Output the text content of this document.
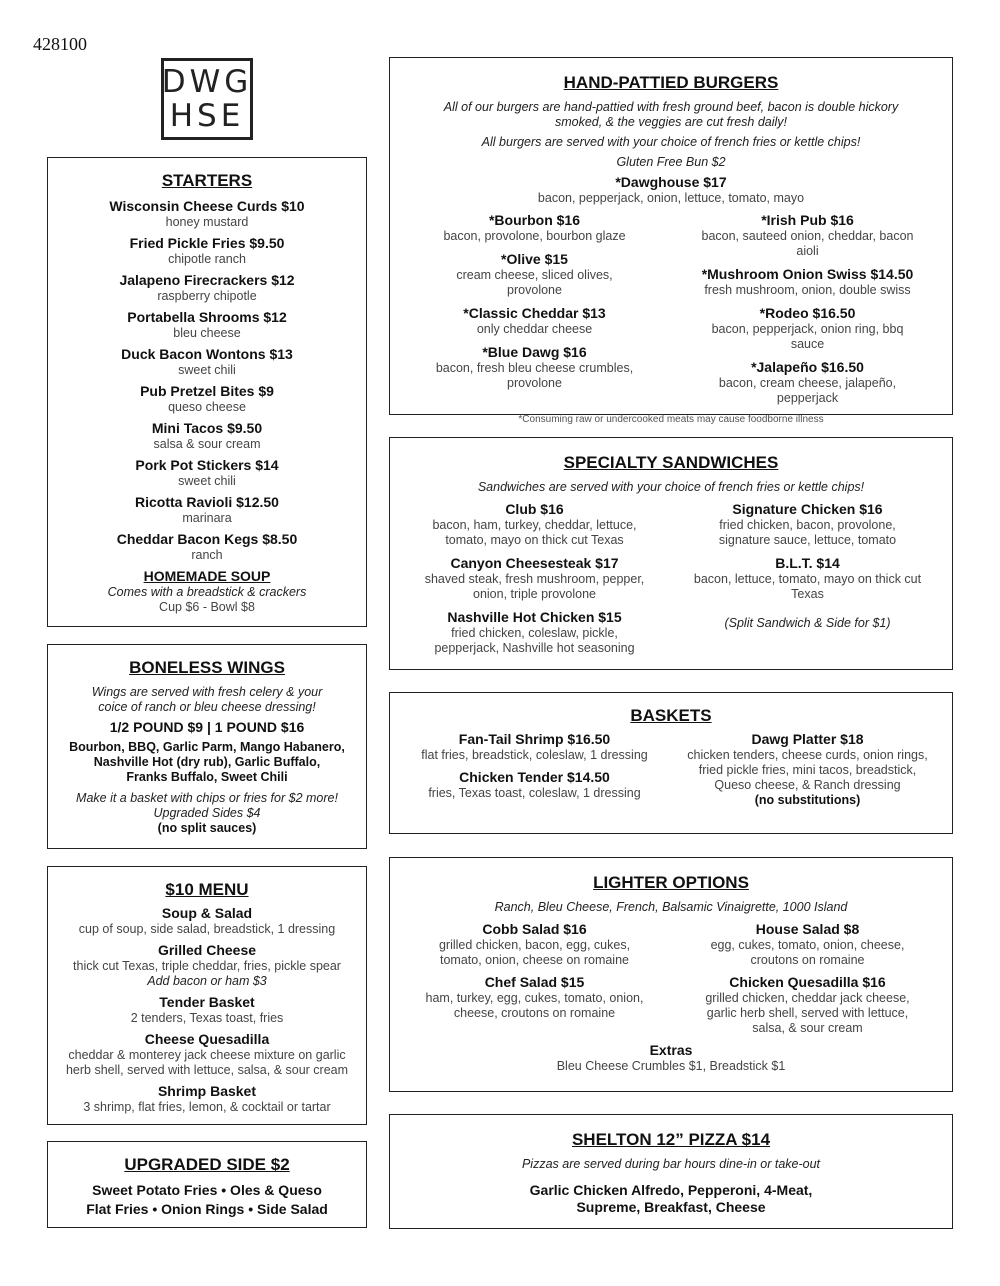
428100
DWG
HSE
STARTERS
Wisconsin Cheese Curds $10
honey mustard
Fried Pickle Fries $9.50
chipotle ranch
Jalapeno Firecrackers $12
raspberry chipotle
Portabella Shrooms $12
bleu cheese
Duck Bacon Wontons $13
sweet chili
Pub Pretzel Bites $9
queso cheese
Mini Tacos $9.50
salsa & sour cream
Pork Pot Stickers $14
sweet chili
Ricotta Ravioli $12.50
marinara
Cheddar Bacon Kegs $8.50
ranch
HOMEMADE SOUP
Comes with a breadstick & crackers
Cup $6 - Bowl $8
BONELESS WINGS
Wings are served with fresh celery & your
coice of ranch or bleu cheese dressing!
1/2 POUND $9 | 1 POUND $16
Bourbon, BBQ, Garlic Parm, Mango Habanero,
Nashville Hot (dry rub), Garlic Buffalo,
Franks Buffalo, Sweet Chili
Make it a basket with chips or fries for $2 more!
Upgraded Sides $4
(no split sauces)
$10 MENU
Soup & Salad
cup of soup, side salad, breadstick, 1 dressing
Grilled Cheese
thick cut Texas, triple cheddar, fries, pickle spear
Add bacon or ham $3
Tender Basket
2 tenders, Texas toast, fries
Cheese Quesadilla
cheddar & monterey jack cheese mixture on garlic
herb shell, served with lettuce, salsa, & sour cream
Shrimp Basket
3 shrimp, flat fries, lemon, & cocktail or tartar
UPGRADED SIDE $2
Sweet Potato Fries • Oles & Queso
Flat Fries • Onion Rings • Side Salad
HAND-PATTIED BURGERS
All of our burgers are hand-pattied with fresh ground beef, bacon is double hickory
smoked, & the veggies are cut fresh daily!
All burgers are served with your choice of french fries or kettle chips!
Gluten Free Bun $2
*Dawghouse $17
bacon, pepperjack, onion, lettuce, tomato, mayo
*Bourbon $16
bacon, provolone, bourbon glaze
*Olive $15
cream cheese, sliced olives, provolone
*Classic Cheddar $13
only cheddar cheese
*Blue Dawg $16
bacon, fresh bleu cheese crumbles, provolone
*Irish Pub $16
bacon, sauteed onion, cheddar, bacon aioli
*Mushroom Onion Swiss $14.50
fresh mushroom, onion, double swiss
*Rodeo $16.50
bacon, pepperjack, onion ring, bbq sauce
*Jalapeño $16.50
bacon, cream cheese, jalapeño, pepperjack
*Consuming raw or undercooked meats may cause foodborne illness
SPECIALTY SANDWICHES
Sandwiches are served with your choice of french fries or kettle chips!
Club $16
bacon, ham, turkey, cheddar, lettuce, tomato, mayo on thick cut Texas
Canyon Cheesesteak $17
shaved steak, fresh mushroom, pepper, onion, triple provolone
Nashville Hot Chicken $15
fried chicken, coleslaw, pickle, pepperjack, Nashville hot seasoning
Signature Chicken $16
fried chicken, bacon, provolone, signature sauce, lettuce, tomato
B.L.T. $14
bacon, lettuce, tomato, mayo on thick cut Texas
(Split Sandwich & Side for $1)
BASKETS
Fan-Tail Shrimp $16.50
flat fries, breadstick, coleslaw, 1 dressing
Chicken Tender $14.50
fries, Texas toast, coleslaw, 1 dressing
Dawg Platter $18
chicken tenders, cheese curds, onion rings, fried pickle fries, mini tacos, breadstick, Queso cheese, & Ranch dressing
(no substitutions)
LIGHTER OPTIONS
Ranch, Bleu Cheese, French, Balsamic Vinaigrette, 1000 Island
Cobb Salad $16
grilled chicken, bacon, egg, cukes, tomato, onion, cheese on romaine
Chef Salad $15
ham, turkey, egg, cukes, tomato, onion, cheese, croutons on romaine
House Salad $8
egg, cukes, tomato, onion, cheese, croutons on romaine
Chicken Quesadilla $16
grilled chicken, cheddar jack cheese, garlic herb shell, served with lettuce, salsa, & sour cream
Extras
Bleu Cheese Crumbles $1, Breadstick $1
SHELTON 12” PIZZA $14
Pizzas are served during bar hours dine-in or take-out
Garlic Chicken Alfredo, Pepperoni, 4-Meat,
Supreme, Breakfast, Cheese
